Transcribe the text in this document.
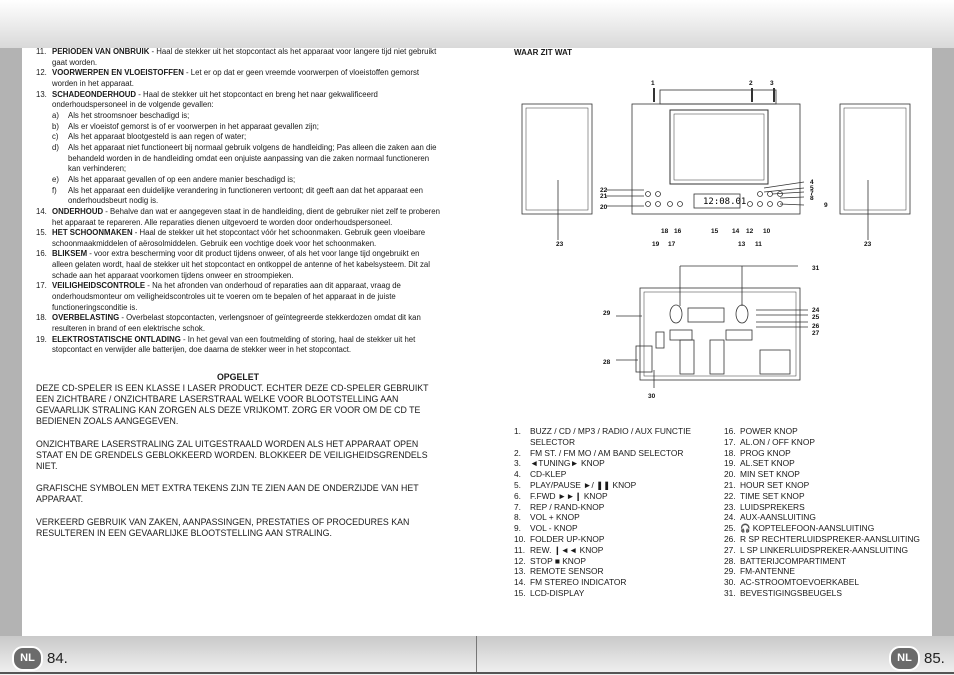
11. PERIODEN VAN ONBRUIK - Haal de stekker uit het stopcontact als het apparaat voor langere tijd niet gebruikt gaat worden.
12. VOORWERPEN EN VLOEISTOFFEN - Let er op dat er geen vreemde voorwerpen of vloeistoffen gemorst worden in het apparaat.
13. SCHADEONDERHOUD - Haal de stekker uit het stopcontact en breng het naar gekwalificeerd onderhoudspersoneel in de volgende gevallen:
a) Als het stroomsnoer beschadigd is;
b) Als er vloeistof gemorst is of er voorwerpen in het apparaat gevallen zijn;
c) Als het apparaat blootgesteld is aan regen of water;
d) Als het apparaat niet functioneert bij normaal gebruik volgens de handleiding; Pas alleen die zaken aan die behandeld worden in de handleiding omdat een onjuiste aanpassing van die zaken normaal functioneren kan verhinderen;
e) Als het apparaat gevallen of op een andere manier beschadigd is;
f) Als het apparaat een duidelijke verandering in functioneren vertoont; dit geeft aan dat het apparaat een onderhoudsbeurt nodig is.
14. ONDERHOUD - Behalve dan wat er aangegeven staat in de handleiding, dient de gebruiker niet zelf te proberen het apparaat te repareren. Alle reparaties dienen uitgevoerd te worden door onderhoudspersoneel.
15. HET SCHOONMAKEN - Haal de stekker uit het stopcontact vóór het schoonmaken. Gebruik geen vloeibare schoonmaakmiddelen of aërosolmiddelen. Gebruik een vochtige doek voor het schoonmaken.
16. BLIKSEM - voor extra bescherming voor dit product tijdens onweer, of als het voor lange tijd ongebruikt en alleen gelaten wordt, haal de stekker uit het stopcontact en ontkoppel de antenne of het kabelsysteem. Dit zal schade aan het apparaat voorkomen tijdens onweer en stroompieken.
17. VEILIGHEIDSCONTROLE - Na het afronden van onderhoud of reparaties aan dit apparaat, vraag de onderhoudsmonteur om veiligheidscontroles uit te voeren om te bepalen of het apparaat in de juiste functioneringsconditie is.
18. OVERBELASTING - Overbelast stopcontacten, verlengsnoer of geïntegreerde stekkerdozen omdat dit kan resulteren in brand of een elektrische schok.
19. ELEKTROSTATISCHE ONTLADING - In het geval van een foutmelding of storing, haal de stekker uit het stopcontact en verwijder alle batterijen, doe daarna de stekker weer in het stopcontact.
OPGELET

DEZE CD-SPELER IS EEN KLASSE I LASER PRODUCT. ECHTER DEZE CD-SPELER GEBRUIKT EEN ZICHTBARE / ONZICHTBARE LASERSTRAAL WELKE VOOR BLOOTSTELLING AAN GEVAARLIJK STRALING KAN ZORGEN ALS DEZE VRIJKOMT. ZORG ER VOOR OM DE CD TE BEDIENEN ZOALS AANGEGEVEN.

ONZICHTBARE LASERSTRALING ZAL UITGESTRAALD WORDEN ALS HET APPARAAT OPEN STAAT EN DE GRENDELS GEBLOKKEERD WORDEN. BLOKKEER DE VEILIGHEIDSGRENDELS NIET.

GRAFISCHE SYMBOLEN MET EXTRA TEKENS ZIJN TE ZIEN AAN DE ONDERZIJDE VAN HET APPARAAT.

VERKEERD GEBRUIK VAN ZAKEN, AANPASSINGEN, PRESTATIES OF PROCEDURES KAN RESULTEREN IN EEN GEVAARLIJKE BLOOTSTELLING AAN STRALING.

WAAR ZIT WAT
12:08.01
1	2	3
4
5
7
8
9
22
21
20
18 16	15 14 12 10
19 17	13 11
23	23
31
24
25
26
27
29
28
30
1. BUZZ / CD / MP3 / RADIO / AUX FUNCTIE SELECTOR
2. FM ST. / FM MO / AM BAND SELECTOR
3. ◄TUNING► KNOP
4. CD-KLEP
5. PLAY/PAUSE ►/ ❚❚ KNOP
6. F.FWD ►►❙ KNOP
7. REP / RAND-KNOP
8. VOL + KNOP
9. VOL - KNOP
10. FOLDER UP-KNOP
11. REW. ❙◄◄ KNOP
12. STOP ■ KNOP
13. REMOTE SENSOR
14. FM STEREO INDICATOR
15. LCD-DISPLAY
16. POWER KNOP
17. AL.ON / OFF KNOP
18. PROG KNOP
19. AL.SET KNOP
20. MIN SET KNOP
21. HOUR SET KNOP
22. TIME SET KNOP
23. LUIDSPREKERS
24. AUX-AANSLUITING
25. 🎧 KOPTELEFOON-AANSLUITING
26. R SP RECHTERLUIDSPREKER-AANSLUITING
27. L SP LINKERLUIDSPREKER-AANSLUITING
28. BATTERIJCOMPARTIMENT
29. FM-ANTENNE
30. AC-STROOMTOEVOERKABEL
31. BEVESTIGINGSBEUGELS
NL 84.	NL 85.
